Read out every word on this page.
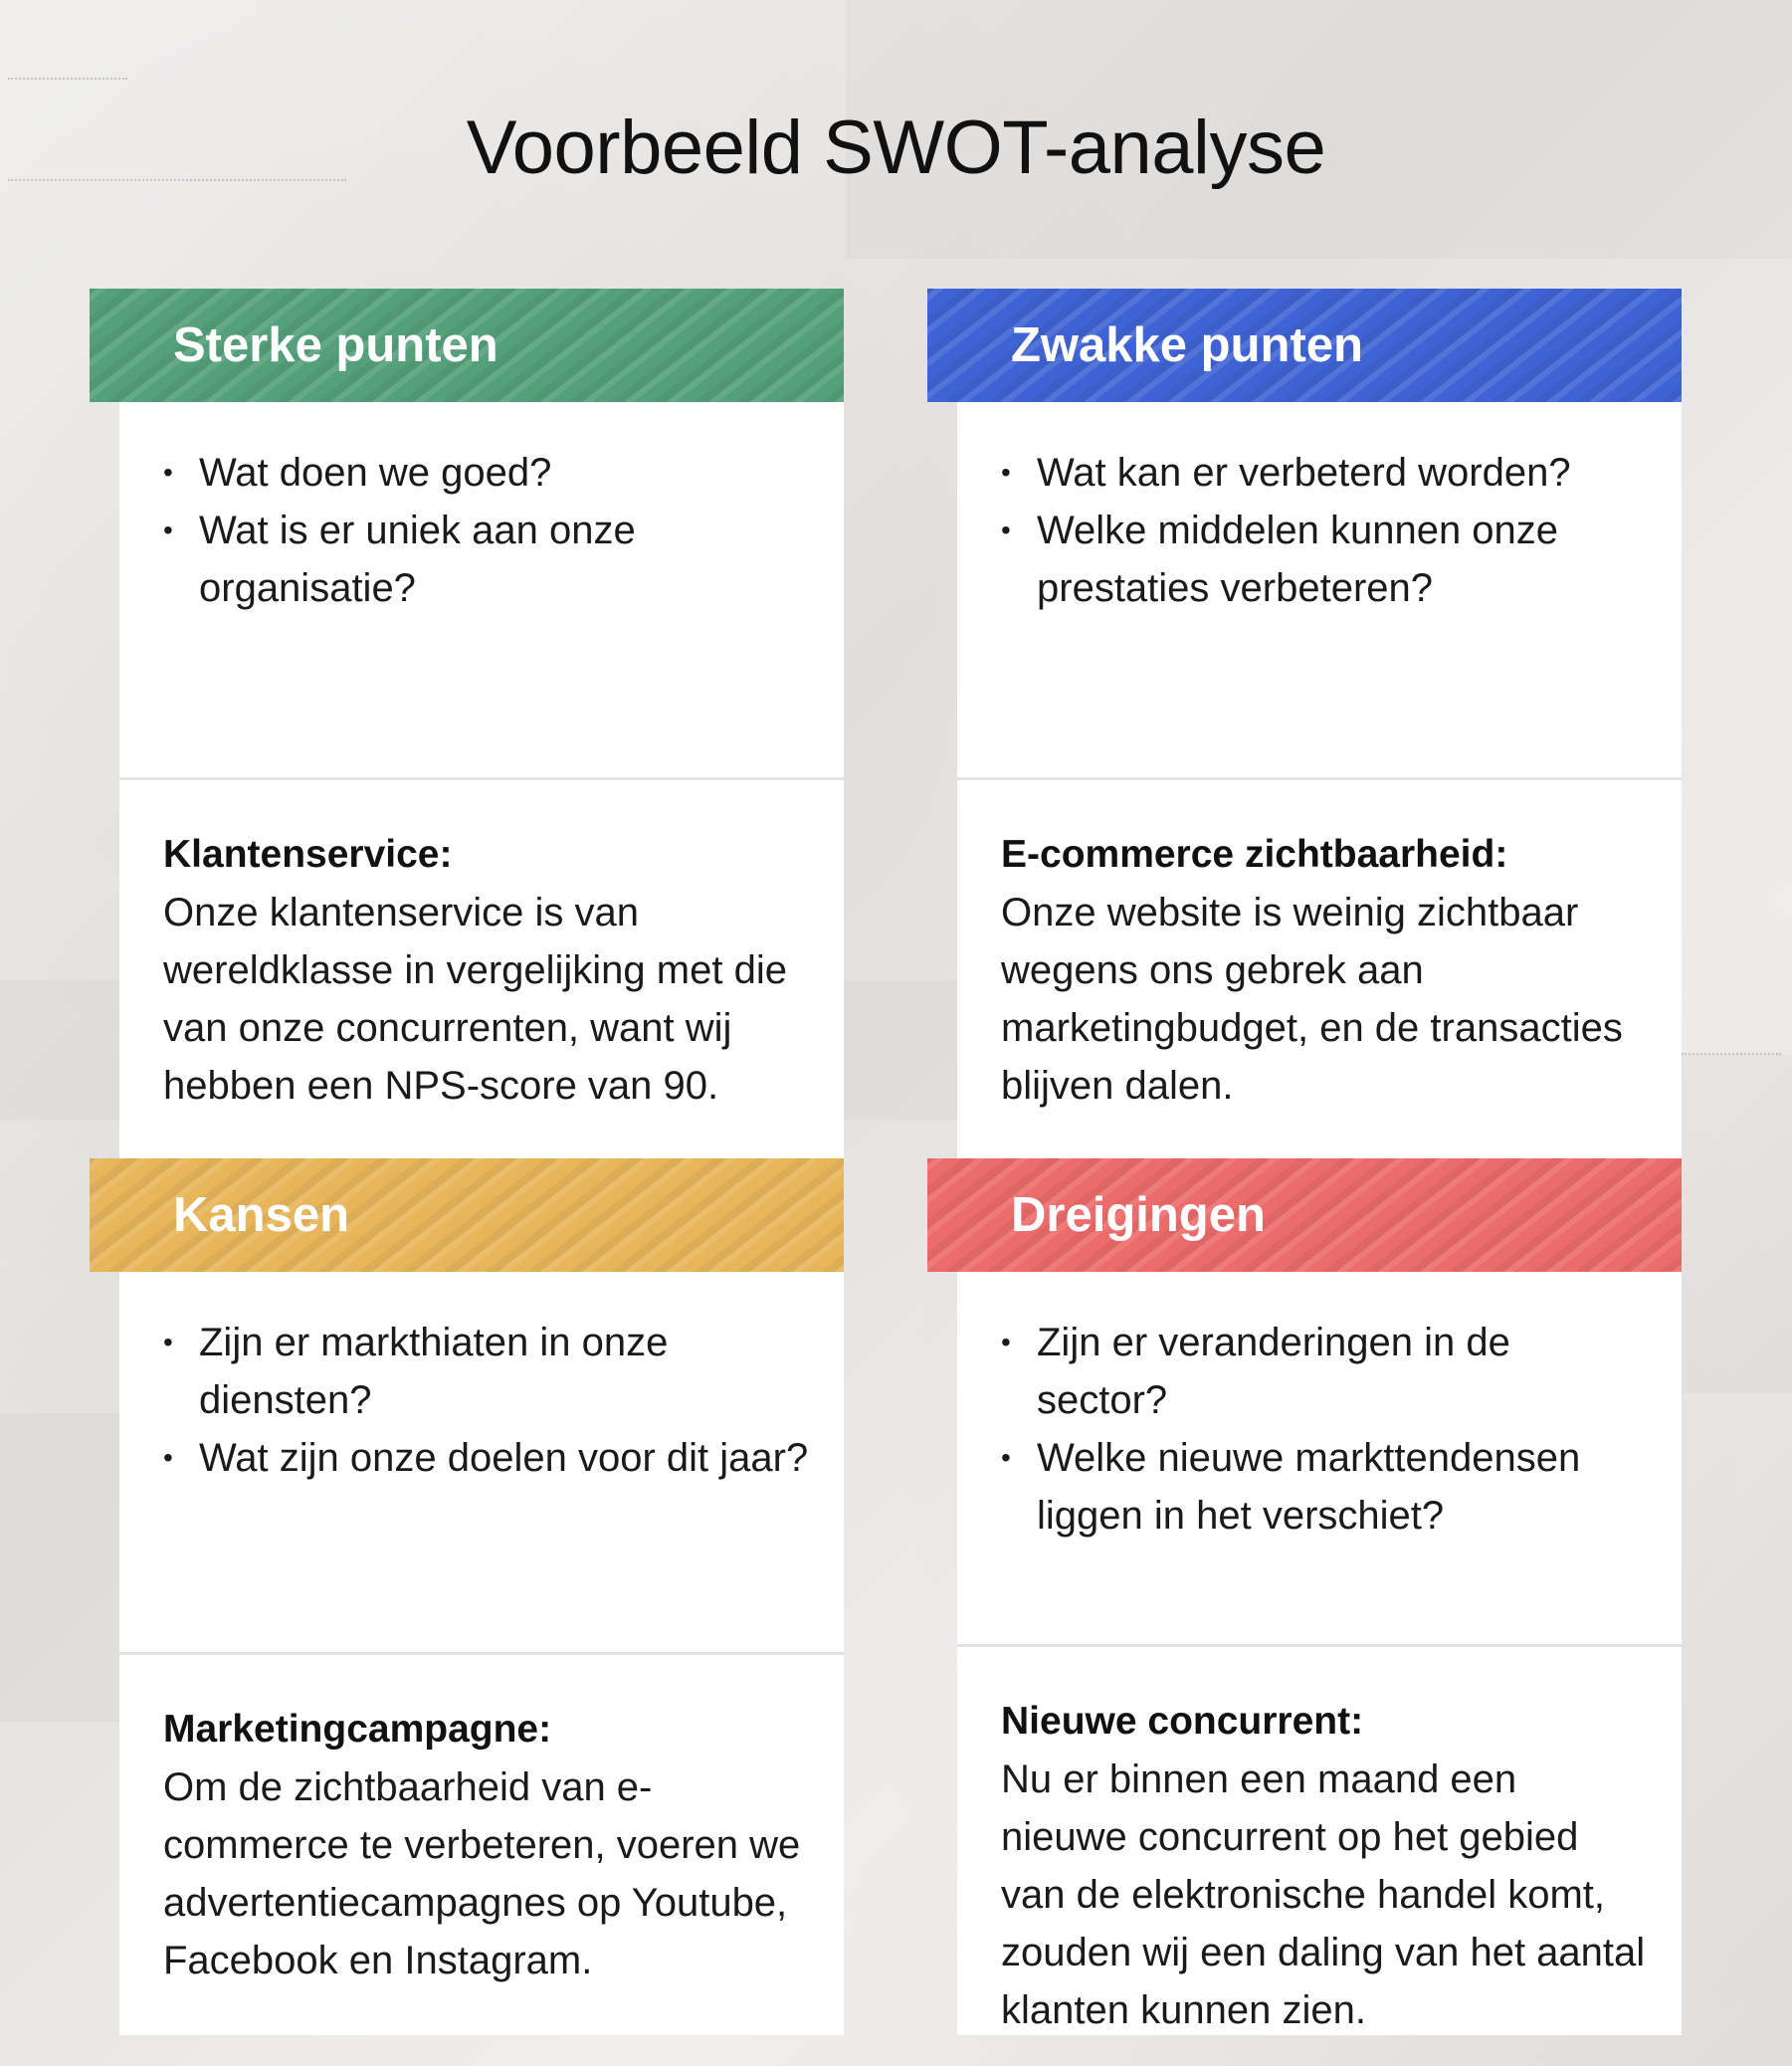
Voorbeeld SWOT-analyse
Sterke punten
• Wat doen we goed?
• Wat is er uniek aan onze organisatie?
Klantenservice:
Onze klantenservice is van wereldklasse in vergelijking met die van onze concurrenten, want wij hebben een NPS-score van 90.
Zwakke punten
• Wat kan er verbeterd worden?
• Welke middelen kunnen onze prestaties verbeteren?
E-commerce zichtbaarheid:
Onze website is weinig zichtbaar wegens ons gebrek aan marketingbudget, en de transacties blijven dalen.
Kansen
• Zijn er markthiaten in onze diensten?
• Wat zijn onze doelen voor dit jaar?
Marketingcampagne:
Om de zichtbaarheid van e-commerce te verbeteren, voeren we advertentiecampagnes op Youtube, Facebook en Instagram.
Dreigingen
• Zijn er veranderingen in de sector?
• Welke nieuwe markttendensen liggen in het verschiet?
Nieuwe concurrent:
Nu er binnen een maand een nieuwe concurrent op het gebied van de elektronische handel komt, zouden wij een daling van het aantal klanten kunnen zien.
